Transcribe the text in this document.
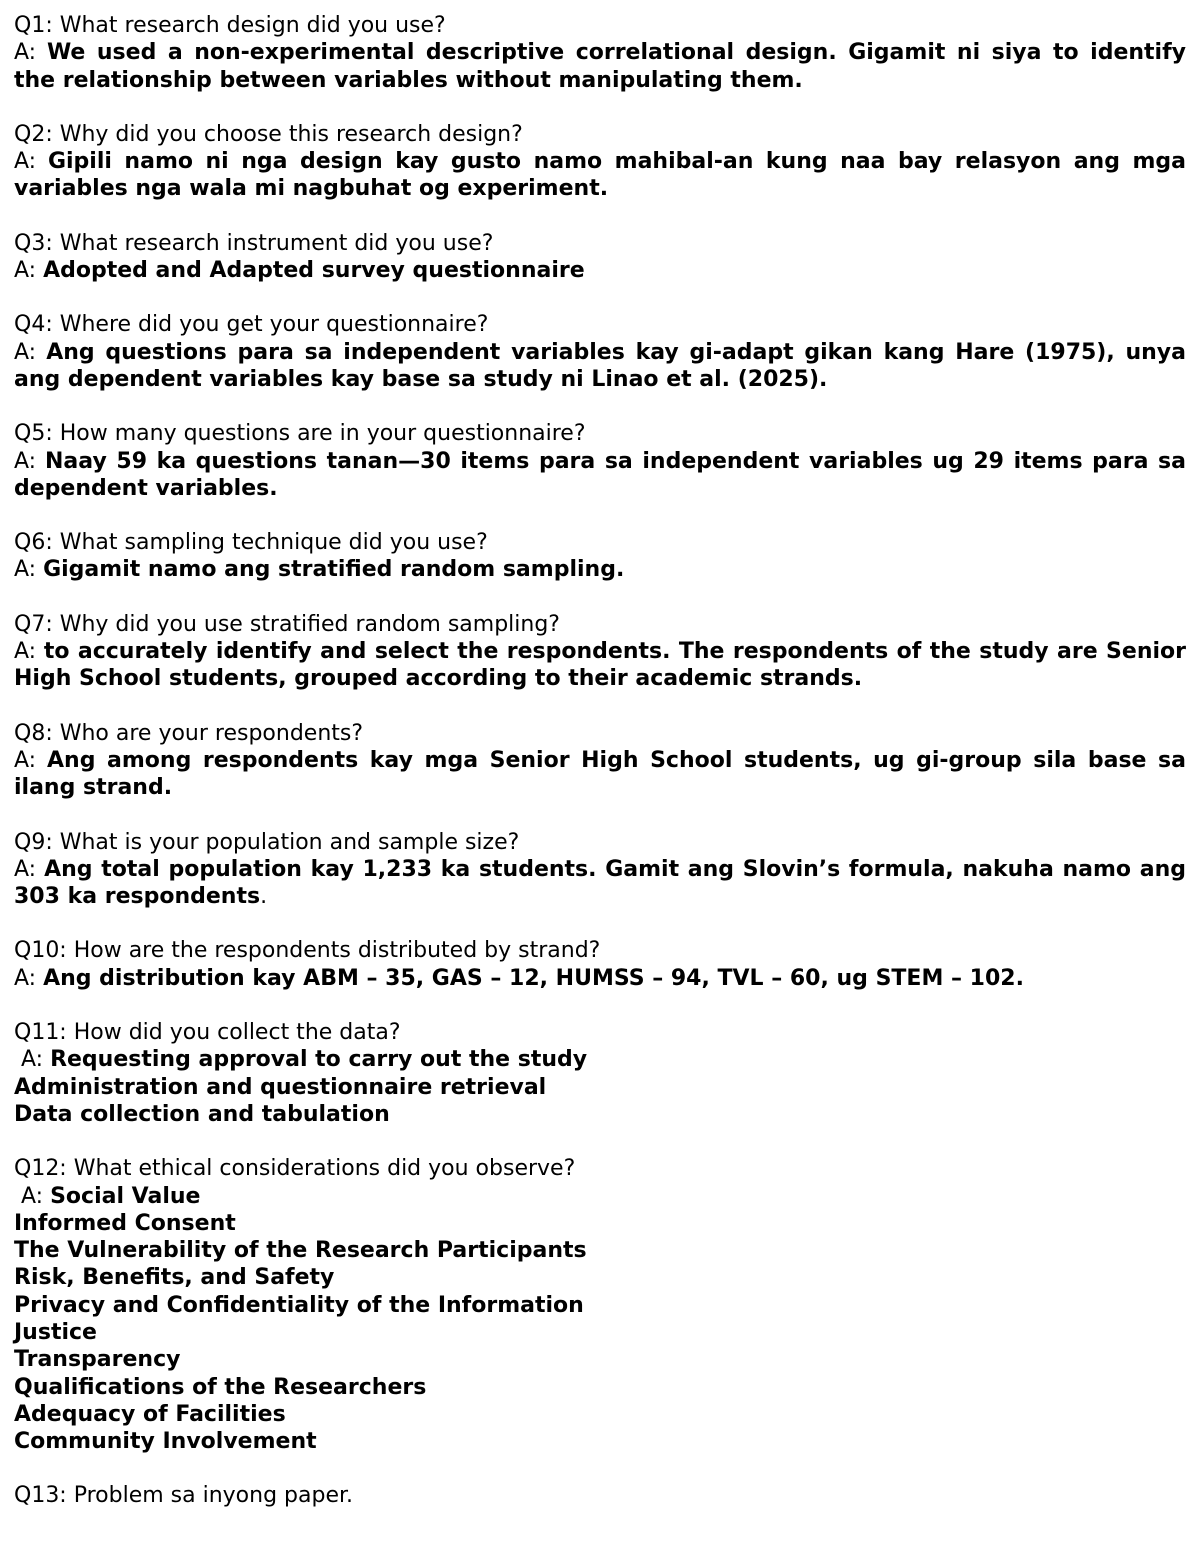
Q1: What research design did you use?
A: We used a non-experimental descriptive correlational design. Gigamit ni siya to identify the relationship between variables without manipulating them.
Q2: Why did you choose this research design?
A: Gipili namo ni nga design kay gusto namo mahibal-an kung naa bay relasyon ang mga variables nga wala mi nagbuhat og experiment.
Q3: What research instrument did you use?
A: Adopted and Adapted survey questionnaire
Q4: Where did you get your questionnaire?
A: Ang questions para sa independent variables kay gi-adapt gikan kang Hare (1975), unya ang dependent variables kay base sa study ni Linao et al. (2025).
Q5: How many questions are in your questionnaire?
A: Naay 59 ka questions tanan—30 items para sa independent variables ug 29 items para sa dependent variables.
Q6: What sampling technique did you use?
A: Gigamit namo ang stratified random sampling.
Q7: Why did you use stratified random sampling?
A: to accurately identify and select the respondents. The respondents of the study are Senior High School students, grouped according to their academic strands.
Q8: Who are your respondents?
A: Ang among respondents kay mga Senior High School students, ug gi-group sila base sa ilang strand.
Q9: What is your population and sample size?
A: Ang total population kay 1,233 ka students. Gamit ang Slovin’s formula, nakuha namo ang 303 ka respondents.
Q10: How are the respondents distributed by strand?
A: Ang distribution kay ABM – 35, GAS – 12, HUMSS – 94, TVL – 60, ug STEM – 102.
Q11: How did you collect the data?
A: Requesting approval to carry out the study
Administration and questionnaire retrieval
Data collection and tabulation
Q12: What ethical considerations did you observe?
A: Social Value
Informed Consent
The Vulnerability of the Research Participants
Risk, Benefits, and Safety
Privacy and Confidentiality of the Information
Justice
Transparency
Qualifications of the Researchers
Adequacy of Facilities
Community Involvement
Q13: Problem sa inyong paper.
